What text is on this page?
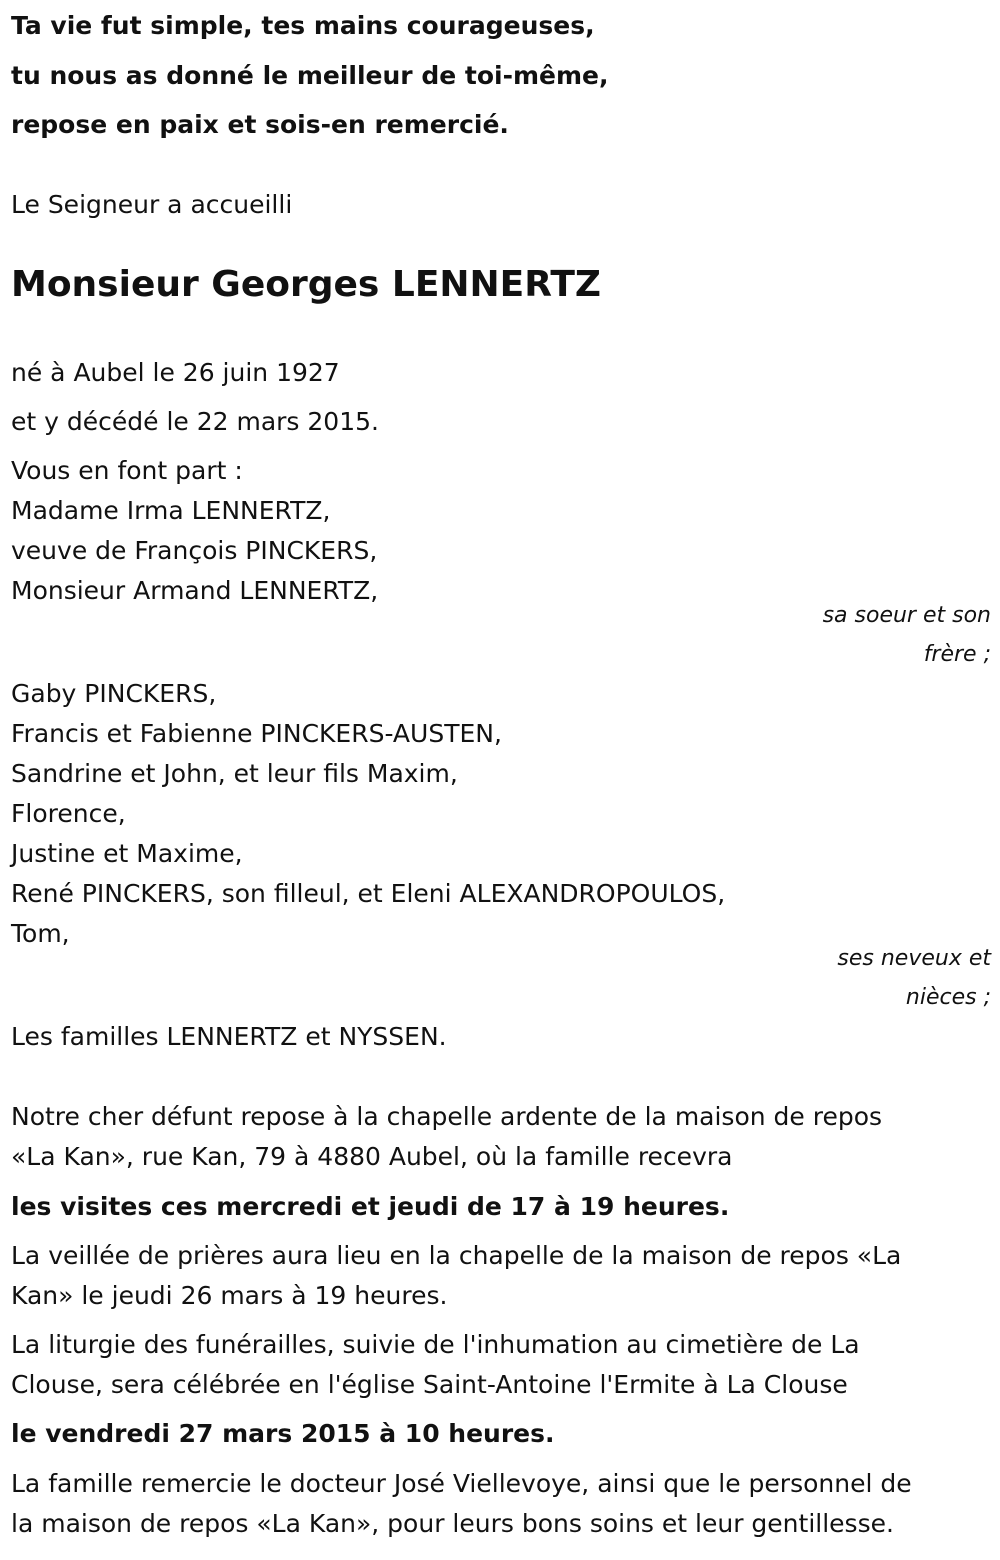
Ta vie fut simple, tes mains courageuses,
tu nous as donné le meilleur de toi-même,
repose en paix et sois-en remercié.
Le Seigneur a accueilli
Monsieur Georges LENNERTZ
né à Aubel le 26 juin 1927
et y décédé le 22 mars 2015.
Vous en font part :
Madame Irma LENNERTZ,
veuve de François PINCKERS,
Monsieur Armand LENNERTZ,
sa soeur et son
frère ;
Gaby PINCKERS,
Francis et Fabienne PINCKERS-AUSTEN,
Sandrine et John, et leur fils Maxim,
Florence,
Justine et Maxime,
René PINCKERS, son filleul, et Eleni ALEXANDROPOULOS,
Tom,
ses neveux et
nièces ;
Les familles LENNERTZ et NYSSEN.
Notre cher défunt repose à la chapelle ardente de la maison de repos
«La Kan», rue Kan, 79 à 4880 Aubel, où la famille recevra
les visites ces mercredi et jeudi de 17 à 19 heures.
La veillée de prières aura lieu en la chapelle de la maison de repos «La
Kan» le jeudi 26 mars à 19 heures.
La liturgie des funérailles, suivie de l'inhumation au cimetière de La
Clouse, sera célébrée en l'église Saint-Antoine l'Ermite à La Clouse
le vendredi 27 mars 2015 à 10 heures.
La famille remercie le docteur José Viellevoye, ainsi que le personnel de
la maison de repos «La Kan», pour leurs bons soins et leur gentillesse.
